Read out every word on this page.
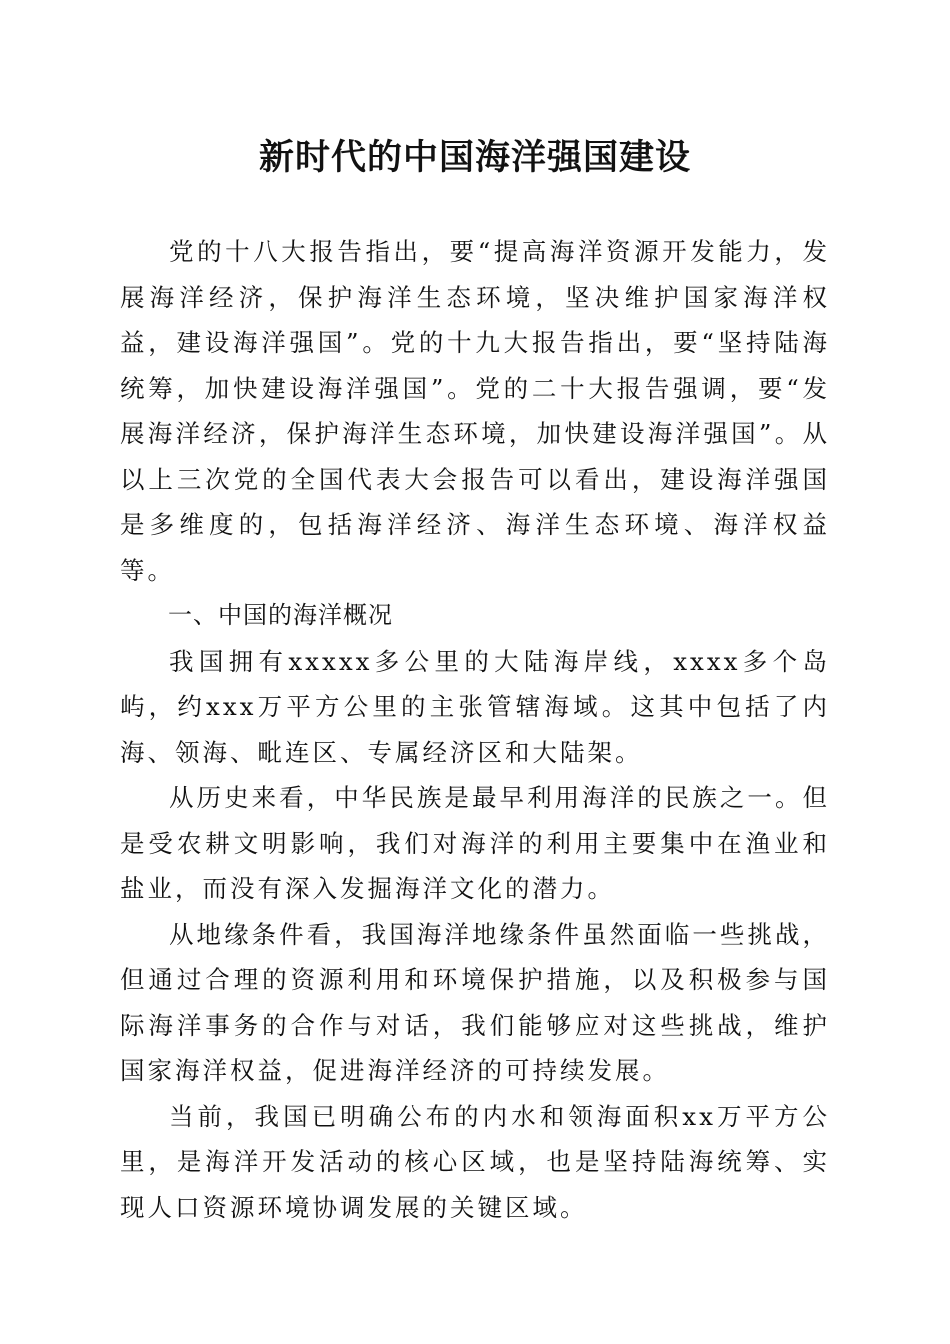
新时代的中国海洋强国建设

党的十八大报告指出，要“提高海洋资源开发能力，发展海洋经济，保护海洋生态环境，坚决维护国家海洋权益，建设海洋强国”。党的十九大报告指出，要“坚持陆海统筹，加快建设海洋强国”。党的二十大报告强调，要“发展海洋经济，保护海洋生态环境，加快建设海洋强国”。从以上三次党的全国代表大会报告可以看出，建设海洋强国是多维度的，包括海洋经济、海洋生态环境、海洋权益等。

一、中国的海洋概况

我国拥有xxxxx多公里的大陆海岸线，xxxx多个岛屿，约xxx万平方公里的主张管辖海域。这其中包括了内海、领海、毗连区、专属经济区和大陆架。

从历史来看，中华民族是最早利用海洋的民族之一。但是受农耕文明影响，我们对海洋的利用主要集中在渔业和盐业，而没有深入发掘海洋文化的潜力。

从地缘条件看，我国海洋地缘条件虽然面临一些挑战，但通过合理的资源利用和环境保护措施，以及积极参与国际海洋事务的合作与对话，我们能够应对这些挑战，维护国家海洋权益，促进海洋经济的可持续发展。

当前，我国已明确公布的内水和领海面积xx万平方公里，是海洋开发活动的核心区域，也是坚持陆海统筹、实现人口资源环境协调发展的关键区域。
